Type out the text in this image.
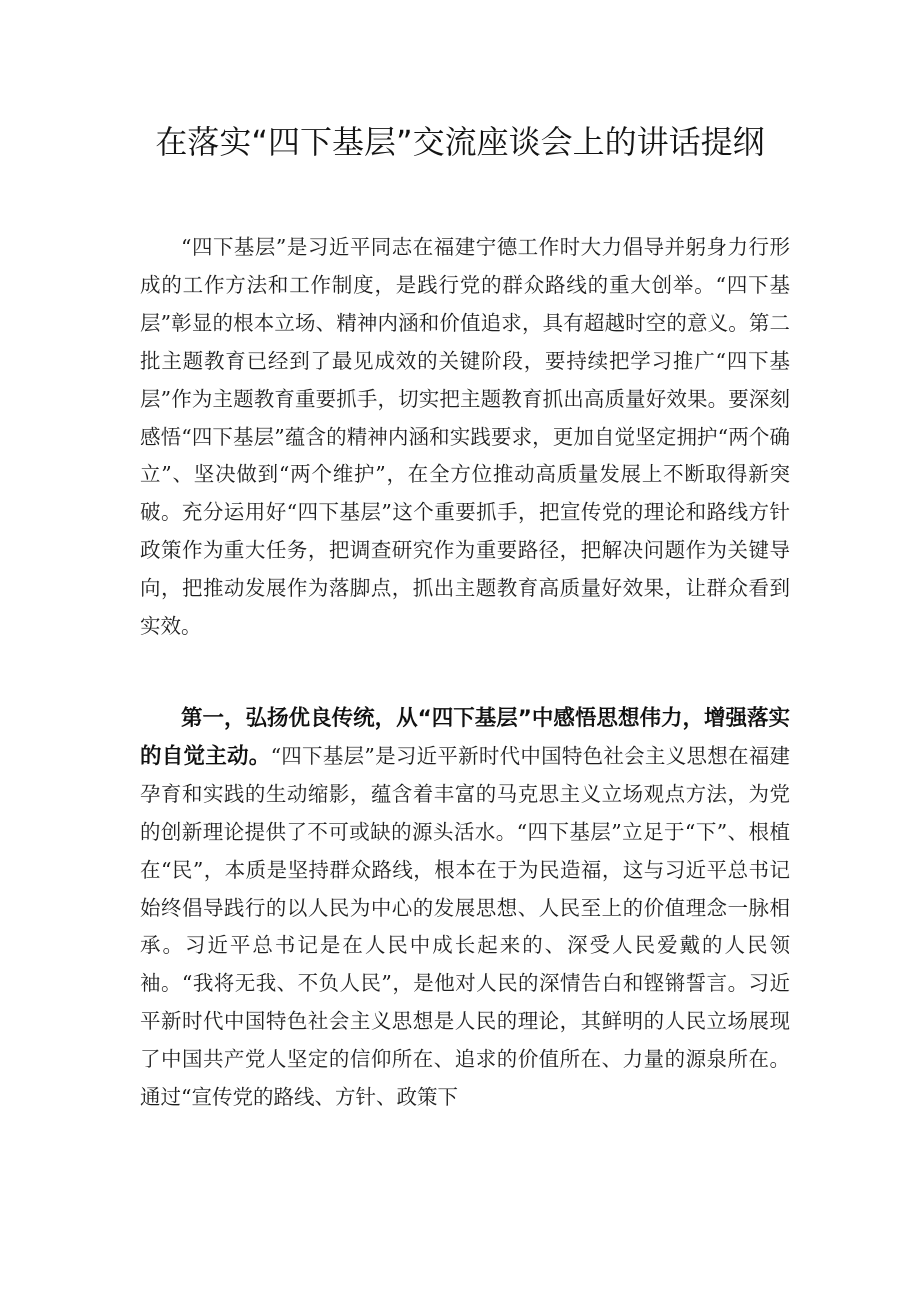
在落实“四下基层”交流座谈会上的讲话提纲

“四下基层”是习近平同志在福建宁德工作时大力倡导并躬身力行形成的工作方法和工作制度，是践行党的群众路线的重大创举。“四下基层”彰显的根本立场、精神内涵和价值追求，具有超越时空的意义。第二批主题教育已经到了最见成效的关键阶段，要持续把学习推广“四下基层”作为主题教育重要抓手，切实把主题教育抓出高质量好效果。要深刻感悟“四下基层”蕴含的精神内涵和实践要求，更加自觉坚定拥护“两个确立”、坚决做到“两个维护”，在全方位推动高质量发展上不断取得新突破。充分运用好“四下基层”这个重要抓手，把宣传党的理论和路线方针政策作为重大任务，把调查研究作为重要路径，把解决问题作为关键导向，把推动发展作为落脚点，抓出主题教育高质量好效果，让群众看到实效。

第一，弘扬优良传统，从“四下基层”中感悟思想伟力，增强落实的自觉主动。“四下基层”是习近平新时代中国特色社会主义思想在福建孕育和实践的生动缩影，蕴含着丰富的马克思主义立场观点方法，为党的创新理论提供了不可或缺的源头活水。“四下基层”立足于“下”、根植在“民”，本质是坚持群众路线，根本在于为民造福，这与习近平总书记始终倡导践行的以人民为中心的发展思想、人民至上的价值理念一脉相承。习近平总书记是在人民中成长起来的、深受人民爱戴的人民领袖。“我将无我、不负人民”，是他对人民的深情告白和铿锵誓言。习近平新时代中国特色社会主义思想是人民的理论，其鲜明的人民立场展现了中国共产党人坚定的信仰所在、追求的价值所在、力量的源泉所在。通过“宣传党的路线、方针、政策下
